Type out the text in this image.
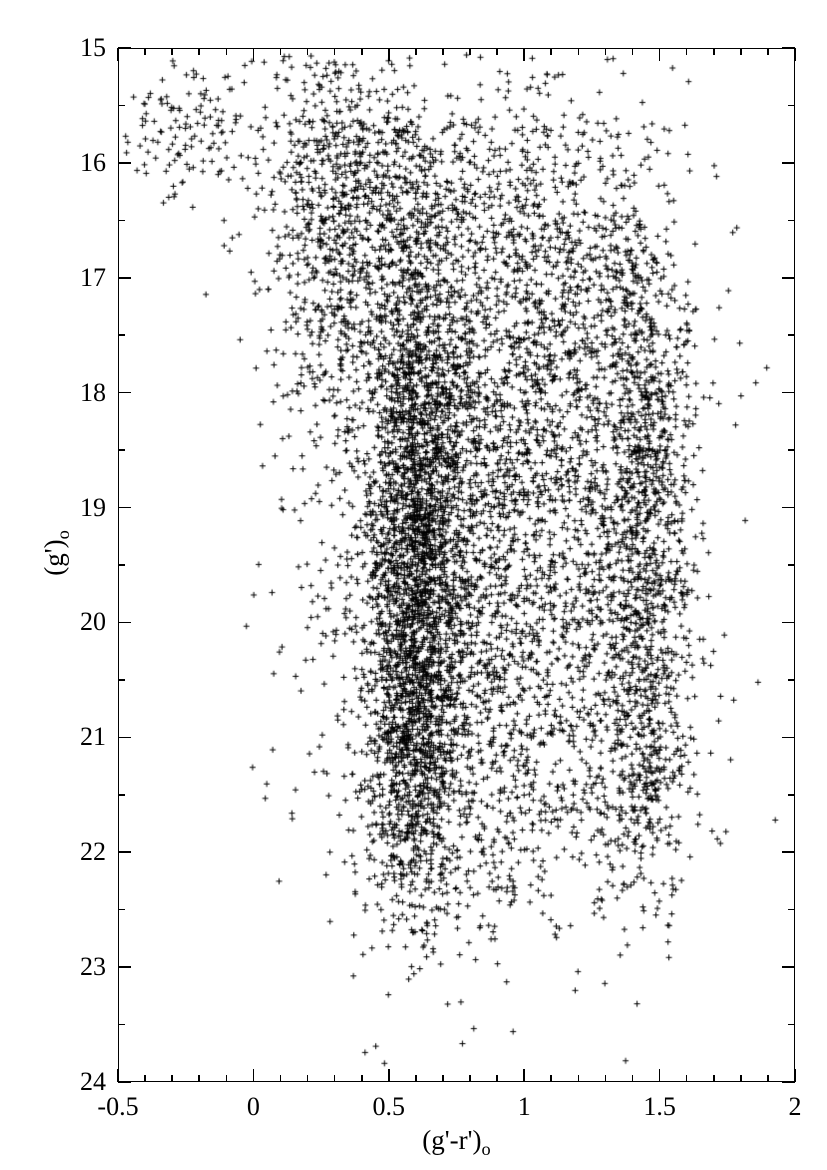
15
16
17
18
19
20
21
22
23
24
-0.5	0	0.5	1	1.5	2
$(g'-r')_o$
$(g')_o$
